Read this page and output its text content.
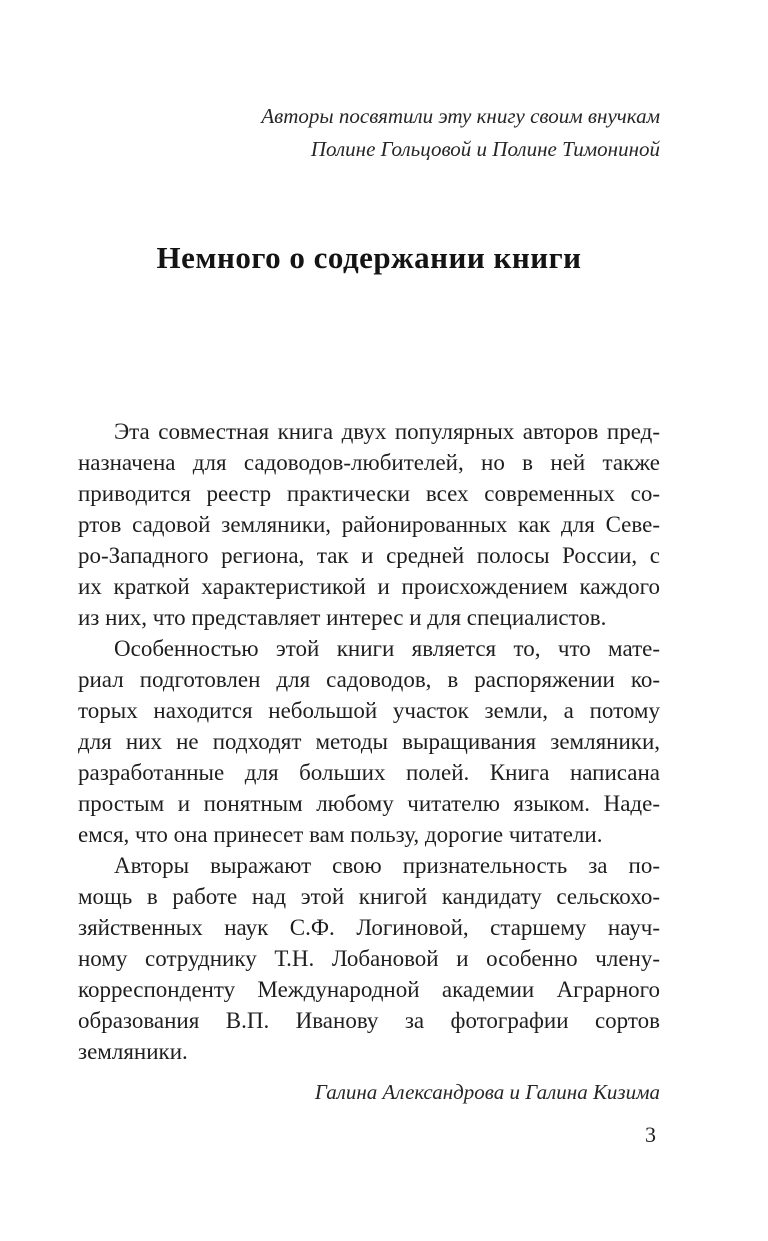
Авторы посвятили эту книгу своим внучкам
Полине Гольцовой и Полине Тимониной
Немного о содержании книги

Эта совместная книга двух популярных авторов пред-
назначена для садоводов-любителей, но в ней также
приводится реестр практически всех современных со-
ртов садовой земляники, районированных как для Севе-
ро-Западного региона, так и средней полосы России, с
их краткой характеристикой и происхождением каждого
из них, что представляет интерес и для специалистов.

Особенностью этой книги является то, что мате-
риал подготовлен для садоводов, в распоряжении ко-
торых находится небольшой участок земли, а потому
для них не подходят методы выращивания земляники,
разработанные для больших полей. Книга написана
простым и понятным любому читателю языком. Наде-
емся, что она принесет вам пользу, дорогие читатели.

Авторы выражают свою признательность за по-
мощь в работе над этой книгой кандидату сельскохо-
зяйственных наук С.Ф. Логиновой, старшему науч-
ному сотруднику Т.Н. Лобановой и особенно члену-
корреспонденту Международной академии Аграрного
образования В.П. Иванову за фотографии сортов
земляники.

Галина Александрова и Галина Кизима
3
